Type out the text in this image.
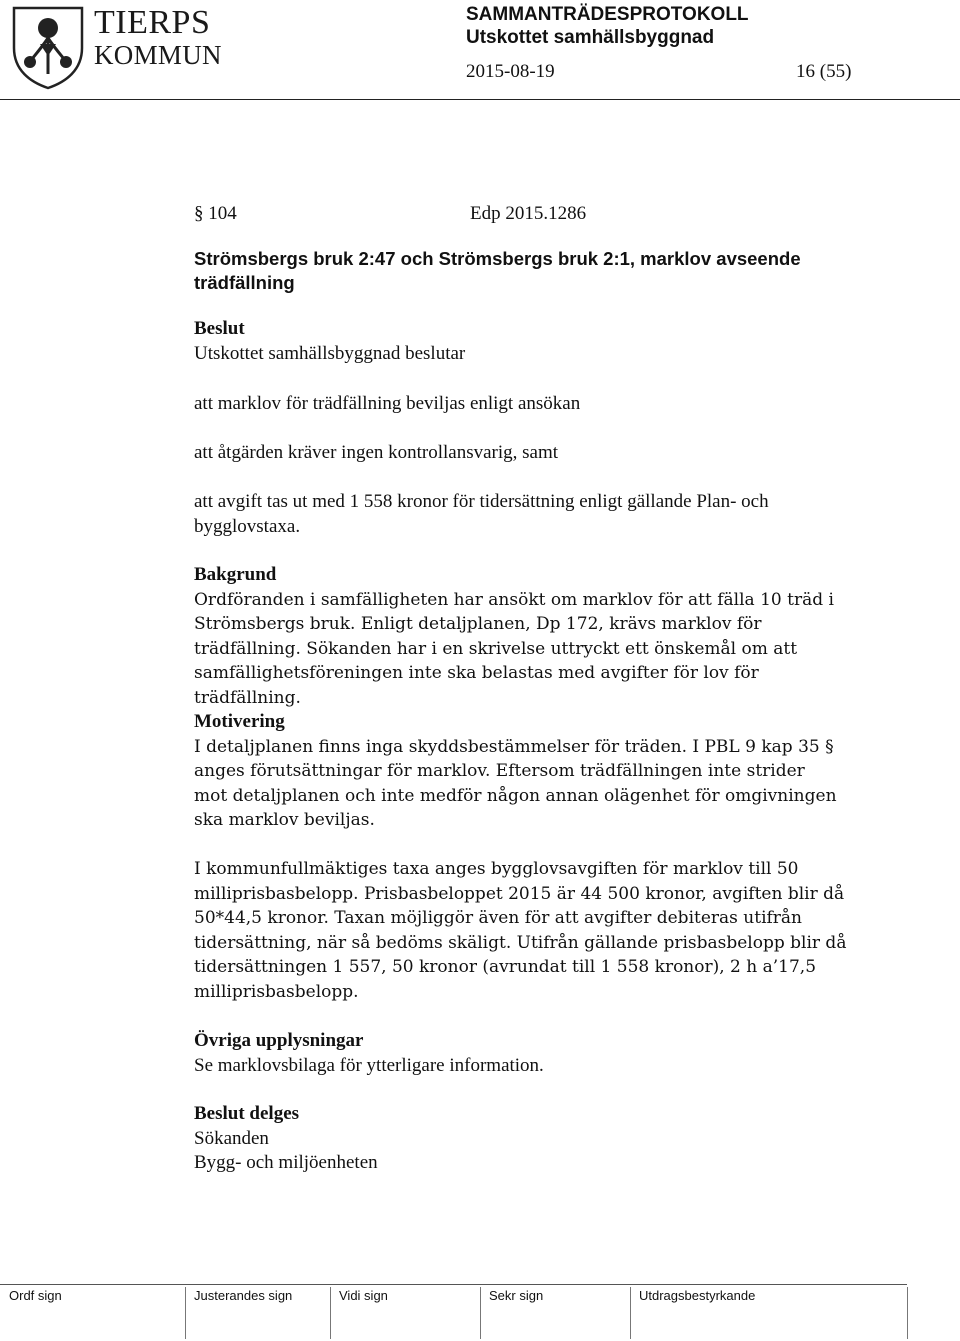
TIERPS
KOMMUN
SAMMANTRÄDESPROTOKOLL
Utskottet samhällsbyggnad
2015-08-19	16 (55)
§ 104	Edp 2015.1286
Strömsbergs bruk 2:47 och Strömsbergs bruk 2:1, marklov avseende trädfällning

Beslut

Utskottet samhällsbyggnad beslutar

att marklov för trädfällning beviljas enligt ansökan

att åtgärden kräver ingen kontrollansvarig, samt

att avgift tas ut med 1 558 kronor för tidersättning enligt gällande Plan- och bygglovstaxa.

Bakgrund

Ordföranden i samfälligheten har ansökt om marklov för att fälla 10 träd i Strömsbergs bruk. Enligt detaljplanen, Dp 172, krävs marklov för trädfällning. Sökanden har i en skrivelse uttryckt ett önskemål om att samfällighetsföreningen inte ska belastas med avgifter för lov för trädfällning.

Motivering

I detaljplanen finns inga skyddsbestämmelser för träden. I PBL 9 kap 35 § anges förutsättningar för marklov. Eftersom trädfällningen inte strider mot detaljplanen och inte medför någon annan olägenhet för omgivningen ska marklov beviljas.

I kommunfullmäktiges taxa anges bygglovsavgiften för marklov till 50 milliprisbasbelopp. Prisbasbeloppet 2015 är 44 500 kronor, avgiften blir då 50*44,5 kronor. Taxan möjliggör även för att avgifter debiteras utifrån tidersättning, när så bedöms skäligt. Utifrån gällande prisbasbelopp blir då tidersättningen 1 557, 50 kronor (avrundat till 1 558 kronor), 2 h a’17,5 milliprisbasbelopp.

Övriga upplysningar

Se marklovsbilaga för ytterligare information.

Beslut delges

Sökanden

Bygg- och miljöenheten

Ordf sign	Justerandes sign	Vidi sign	Sekr sign	Utdragsbestyrkande
